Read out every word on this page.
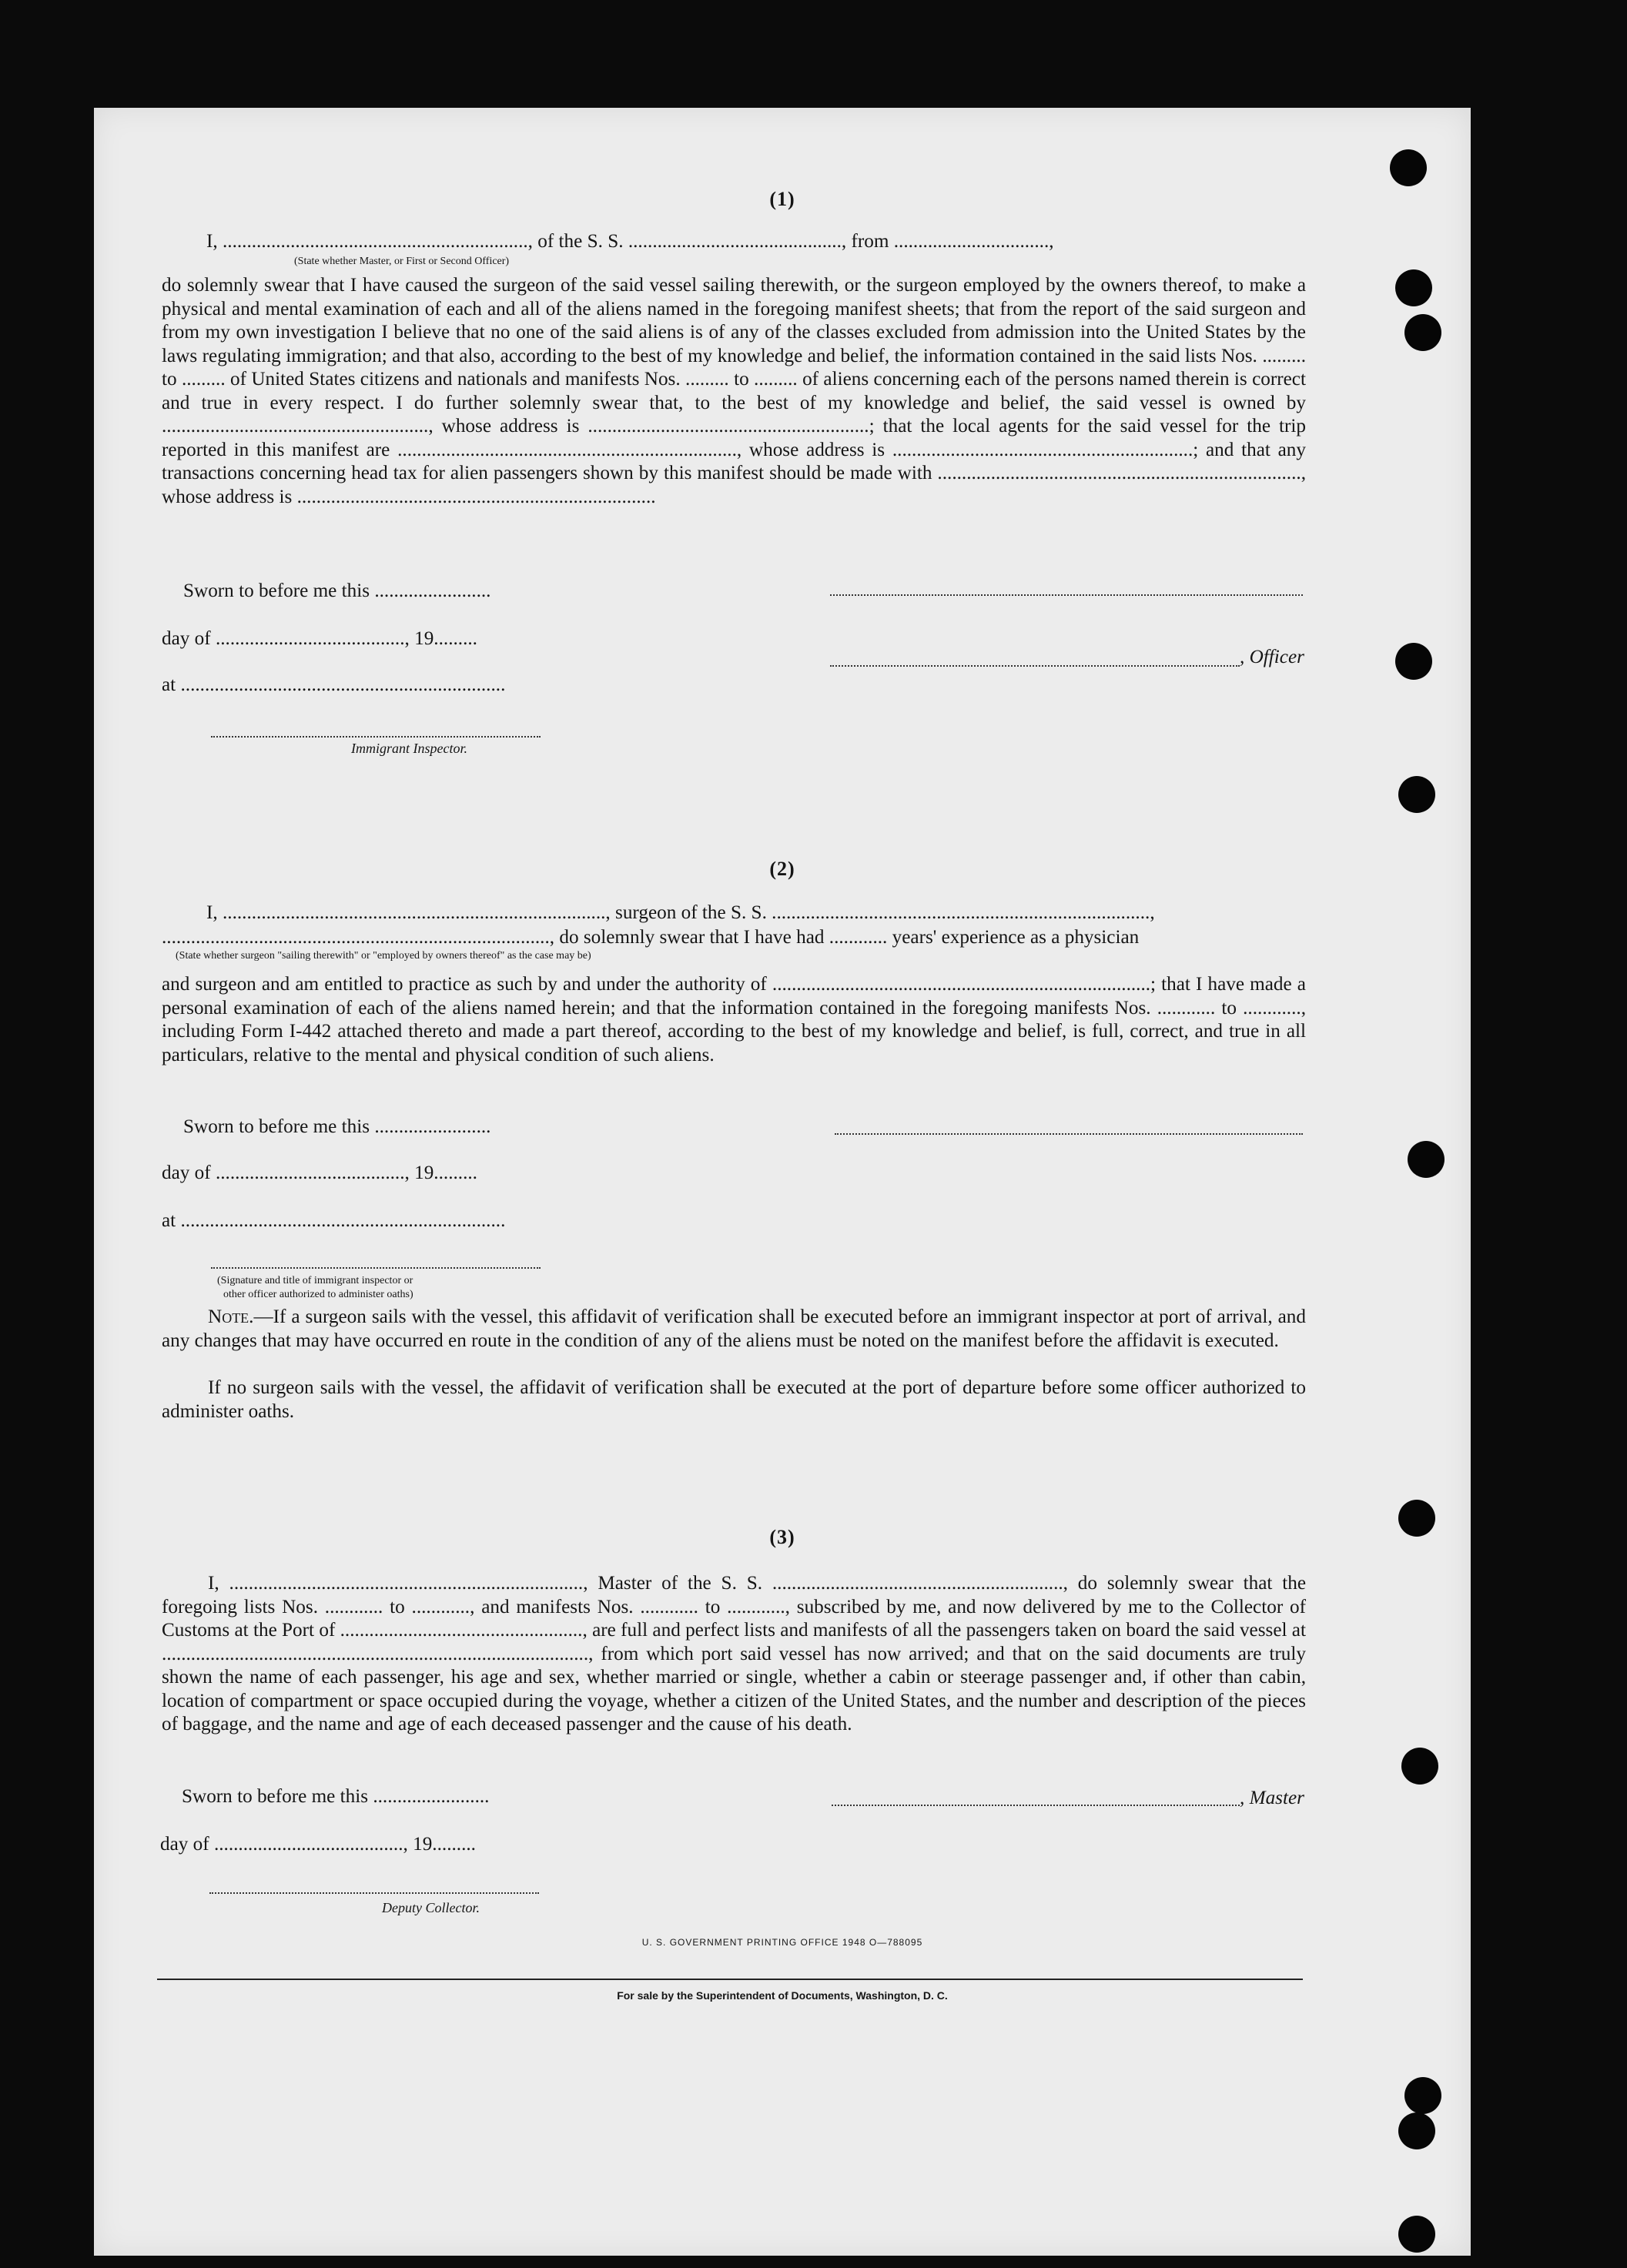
(1)
I, ..............................................................., of the S. S. ............................................, from ................................,
(State whether Master, or First or Second Officer)

do solemnly swear that I have caused the surgeon of the said vessel sailing therewith, or the surgeon employed by the owners thereof, to make a physical and mental examination of each and all of the aliens named in the foregoing manifest sheets; that from the report of the said surgeon and from my own investigation I believe that no one of the said aliens is of any of the classes excluded from admission into the United States by the laws regulating immigration; and that also, according to the best of my knowledge and belief, the information contained in the said lists Nos. ......... to ......... of United States citizens and nationals and manifests Nos. ......... to ......... of aliens concerning each of the persons named therein is correct and true in every respect. I do further solemnly swear that, to the best of my knowledge and belief, the said vessel is owned by ......................................................., whose address is ..........................................................; that the local agents for the said vessel for the trip reported in this manifest are ......................................................................, whose address is ..............................................................; and that any transactions concerning head tax for alien passengers shown by this manifest should be made with ..........................................................................., whose address is ..........................................................................

Sworn to before me this ........................
day of ......................................., 19.........
at ...................................................................
Immigrant Inspector.
, Officer
(2)
I, ..............................................................................., surgeon of the S. S. ..............................................................................,
................................................................................, do solemnly swear that I have had ............ years' experience as a physician
(State whether surgeon "sailing therewith" or "employed by owners thereof" as the case may be)

and surgeon and am entitled to practice as such by and under the authority of ..............................................................................; that I have made a personal examination of each of the aliens named herein; and that the information contained in the foregoing manifests Nos. ............ to ............, including Form I-442 attached thereto and made a part thereof, according to the best of my knowledge and belief, is full, correct, and true in all particulars, relative to the mental and physical condition of such aliens.

Sworn to before me this ........................
day of ......................................., 19.........
at ...................................................................
(Signature and title of immigrant inspector or
other officer authorized to administer oaths)

Note.—If a surgeon sails with the vessel, this affidavit of verification shall be executed before an immigrant inspector at port of arrival, and any changes that may have occurred en route in the condition of any of the aliens must be noted on the manifest before the affidavit is executed.

If no surgeon sails with the vessel, the affidavit of verification shall be executed at the port of departure before some officer authorized to administer oaths.

(3)

I, ........................................................................., Master of the S. S. ............................................................, do solemnly swear that the foregoing lists Nos. ............ to ............, and manifests Nos. ............ to ............, subscribed by me, and now delivered by me to the Collector of Customs at the Port of .................................................., are full and perfect lists and manifests of all the passengers taken on board the said vessel at ........................................................................................, from which port said vessel has now arrived; and that on the said documents are truly shown the name of each passenger, his age and sex, whether married or single, whether a cabin or steerage passenger and, if other than cabin, location of compartment or space occupied during the voyage, whether a citizen of the United States, and the number and description of the pieces of baggage, and the name and age of each deceased passenger and the cause of his death.

Sworn to before me this ........................	, Master
day of ......................................., 19.........
Deputy Collector.
U. S. GOVERNMENT PRINTING OFFICE 1948 O—788095
For sale by the Superintendent of Documents, Washington, D. C.
